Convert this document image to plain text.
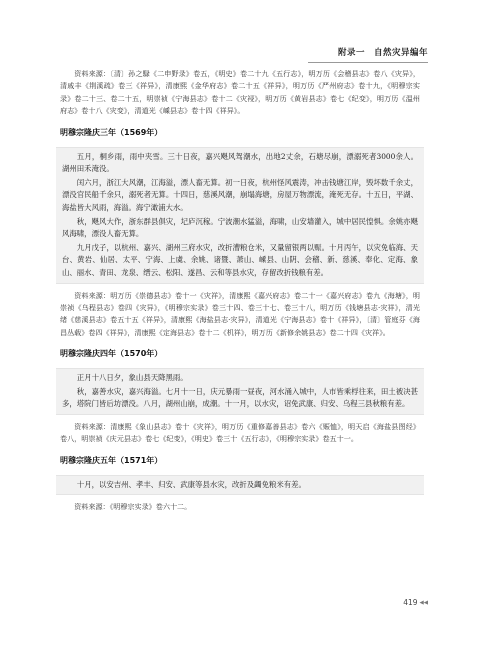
附录一　自然灾异编年

资料来源：〔清〕孙之騄《二申野录》卷五，《明史》卷二十九《五行志》，明万历《会稽县志》卷八《灾异》，清戚丰《荆溪疏》卷三《祥异》，清康熙《金华府志》卷二十五《祥异》，明万历《严州府志》卷十九，《明穆宗实录》卷二十三、卷二十五，明崇祯《宁海县志》卷十二《灾祲》，明万历《黄岩县志》卷七《纪变》，明万历《温州府志》卷十八《灾变》，清道光《嵊县志》卷十四《祥异》。

明穆宗隆庆三年（1569年）

五月，桐乡雨，雨中夹雪。三十日夜，嘉兴飓风驾潮水，出地2丈余，石塘尽崩，漂溺死者3000余人。湖州田禾淹没。

闰六月，浙江大风潮，江海溢，漂人畜无算。初一日夜，杭州怪风震涛，冲击钱塘江岸，毁坏数千余丈，漂没官民船千余只，溺死者无算。十四日，慈溪风潮，崩塌海塘，房屋万物漂流，淹死无存。十五日，平湖、海盐皆大风雨，海溢。海宁澉浦大水。

秋，飓风大作，浙东群县俱灾，圮庐沉稼。宁波潮水猛溢，海啸，山安墙灌入，城中居民惶惧。余姚亦飓风海啸，漂没人畜无算。

九月戊子，以杭州、嘉兴、湖州三府水灾，改折漕粮仓米，又量留银两以赈。十月丙午，以灾免临海、天台、黄岩、仙居、太平、宁海、上虞、余姚、诸暨、萧山、嵊县、山阴、会稽、新、慈溪、奉化、定海、象山、丽水、青田、龙泉、缙云、松阳、遂昌、云和等县水灾，存留改折钱粮有差。

资料来源：明万历《崇德县志》卷十一《灾祥》，清康熙《嘉兴府志》卷二十一《嘉兴府志》卷九《海塘》，明崇祯《乌程县志》卷四《灾异》，《明穆宗实录》卷三十四、卷三十七、卷三十八，明万历《钱塘县志·灾祥》，清光绪《慈溪县志》卷五十五《祥异》，清康熙《海盐县志·灾异》，清道光《宁海县志》卷十《祥异》，〔清〕管庭芬《海昌丛载》卷四《祥异》，清康熙《定海县志》卷十二《机祥》，明万历《新修余姚县志》卷二十四《灾祥》。

明穆宗隆庆四年（1570年）

正月十八日夕，象山县天降黑雨。

秋，嘉善水灾，嘉兴海溢。七月十一日，庆元暴雨一昼夜，河水涌入城中，人市皆乘桴往来，田土被决甚多，塔院门皆后坊漂没。八月，湖州山崩，成潮。十一月，以水灾，诏免武康、归安、乌程三县秋粮有差。

资料来源：清康熙《象山县志》卷十《灾祥》，明万历《重修嘉善县志》卷六《赈恤》，明天启《海盐县图经》卷八，明崇祯《庆元县志》卷七《纪变》，《明史》卷三十《五行志》，《明穆宗实录》卷五十一。

明穆宗隆庆五年（1571年）

十月，以安吉州、孝丰、归安、武康等县水灾，改折及蠲免粮米有差。

资料来源：《明穆宗实录》卷六十二。

419 ◀◀
